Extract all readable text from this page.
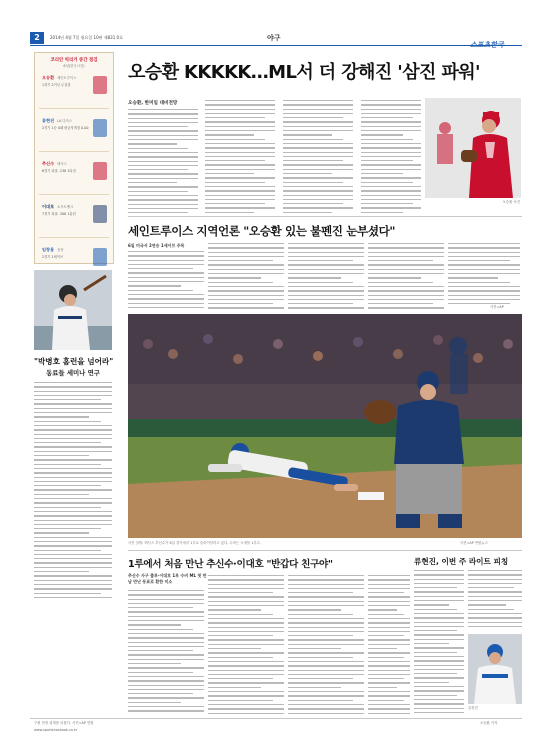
2	2014년 4월 7일 월요일 10판 제831 0호	야구
코리안 빅리거 중간 점검
6일(한국시간)
오승환 세인트루이스
1경기 2이닝 무실점
류현진 LA 다저스
2경기 1승 0패 평균자책점 0.00
추신수 텍사스
6경기 타율 .238 1타점
이대호 소프트뱅크
7경기 타율 .308 1홈런
임창용 삼성
2경기 1세이브
오승환 KKKKK…ML서 더 강해진 '삼진 파워'
오승환, 한미일 대비전망
오승환 사진
세인트루이스 지역언론 "오승환 있는 불펜진 눈부셨다"
6일 미국서 2연승 1세이브 주목
사진=AP
"박병호 홈런을 넘어라"
동료들 세미나 연구
사진 설명: 텍사스 추신수가 6일 경기에서 1루로 슬라이딩하고 있다. 수비는 시애틀 1루수.	사진=AP 연합뉴스
1루에서 처음 만난 추신수·이대호 "반갑다 친구야"
추신수 사구 출루·이대호 1루 수비 ML 첫 만남 만난 동료로 환한 미소
류현진, 이번 주 라이트 피칭
류현진
구원 현장 취재를 마쳤다. 사진=AP 연합	오승환 기자
www.sportshankook.co.kr
